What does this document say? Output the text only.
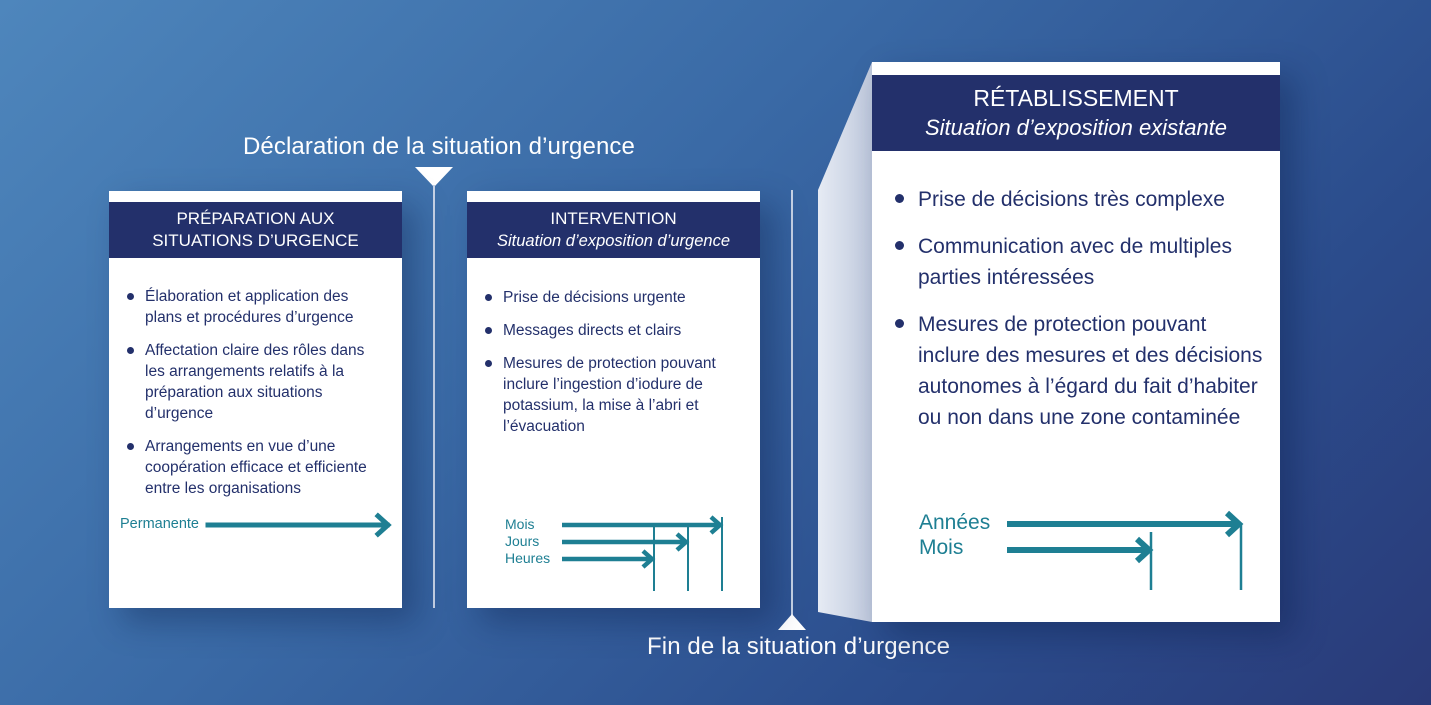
Déclaration de la situation d’urgence
Fin de la situation d’urgence
PRÉPARATION AUX
SITUATIONS D’URGENCE
Élaboration et application des plans et procédures d’urgence
Affectation claire des rôles dans les arrangements relatifs à la préparation aux situations d’urgence
Arrangements en vue d’une coopération efficace et efficiente entre les organisations
Permanente
INTERVENTION
Situation d’exposition d’urgence
Prise de décisions urgente
Messages directs et clairs
Mesures de protection pouvant inclure l’ingestion d’iodure de potassium, la mise à l’abri et l’évacuation
Mois
Jours
Heures
RÉTABLISSEMENT
Situation d’exposition existante
Prise de décisions très complexe
Communication avec de multiples parties intéressées
Mesures de protection pouvant inclure des mesures et des décisions autonomes à l’égard du fait d’habiter ou non dans une zone contaminée
Années
Mois
